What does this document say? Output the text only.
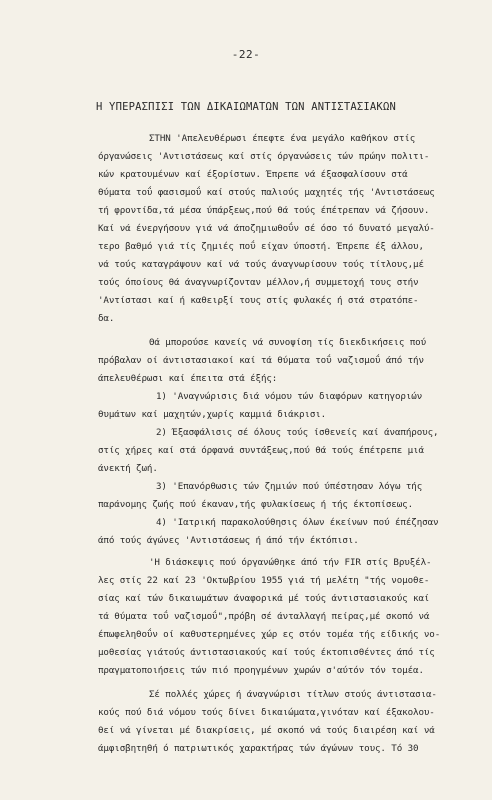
-22-
Η ΥΠΕΡΑΣΠΙΣΙ ΤΩΝ ΔΙΚΑΙΩΜΑΤΩΝ ΤΩΝ ΑΝΤΙΣΤΑΣΙΑΚΩΝ
ΣΤΗΝ 'Απελευθέρωσι έπεφτε ένα μεγάλο καθήκον στίς
όργανώσεις 'Αντιστάσεως καί στίς όργανώσεις τών πρώην πολιτι-
κών κρατουμένων καί έξορίστων. Έπρεπε νά έξασφαλίσουν στά
θύματα τοΰ φασισμοΰ καί στούς παλιούς μαχητές τής 'Αντιστάσεως
τή φροντίδα,τά μέσα ύπάρξεως,πού θά τούς έπέτρεπαν νά ζήσουν.
Καί νά ένεργήσουν γιά νά άποζημιωθοΰν σέ όσο τό δυνατό μεγαλύ-
τερο βαθμό γιά τίς ζημιές ποΰ είχαν ύποστή. Έπρεπε έξ άλλου,
νά τούς καταγράψουν καί νά τούς άναγνωρίσουν τούς τίτλους,μέ
τούς όποίους θά άναγνωρίζονταν μέλλον,ή συμμετοχή τους στήν
'Αντίστασι καί ή καθειρξί τους στίς φυλακές ή στά στρατόπε-
δα.
Θά μπορούσε κανείς νά συνοψίση τίς διεκδικήσεις πού
πρόβαλαν οί άντιστασιακοί καί τά θύματα τοΰ ναζισμοΰ άπό τήν
άπελευθέρωσι καί έπειτα στά έξής:
1) 'Αναγνώρισις διά νόμου τών διαφόρων κατηγοριών
θυμάτων καί μαχητών,χωρίς καμμιά διάκρισι.
2) Έξασφάλισις σέ όλους τούς ίσθενείς καί άναπήρους,
στίς χήρες καί στά όρφανά συντάξεως,πού θά τούς έπέτρεπε μιά
άνεκτή ζωή.
3) 'Επανόρθωσις τών ζημιών πού ύπέστησαν λόγω τής
παράνομης ζωής πού έκαναν,τής φυλακίσεως ή τής έκτοπίσεως.
4) 'Ιατρική παρακολούθησις όλων έκείνων πού έπέζησαν
άπό τούς άγώνες 'Αντιστάσεως ή άπό τήν έκτόπισι.
'Η διάσκεψις πού όργανώθηκε άπό τήν FIR στίς Βρυξέλ-
λες στίς 22 καί 23 'Οκτωβρίου 1955 γιά τή μελέτη "τής νομοθε-
σίας καί τών δικαιωμάτων άναφορικά μέ τούς άντιστασιακούς καί
τά θύματα τοΰ ναζισμοΰ",πρόβη σέ άνταλλαγή πείρας,μέ σκοπό νά
έπωφεληθοΰν οί καθυστερημένες χώρ ες στόν τομέα τής είδικής νο-
μοθεσίας γιάτούς άντιστασιακούς καί τούς έκτοπισθέντες άπό τίς
πραγματοποιήσεις τών πιό προηγμένων χωρών σ'αύτόν τόν τομέα.
Σέ πολλές χώρες ή άναγνώρισι τίτλων στούς άντιστασια-
κούς πού διά νόμου τούς δίνει δικαιώματα,γινόταν καί έξακολου-
θεί νά γίνεται μέ διακρίσεις, μέ σκοπό νά τούς διαιρέση καί νά
άμφισβητηθή ό πατριωτικός χαρακτήρας τών άγώνων τους. Τό 30
